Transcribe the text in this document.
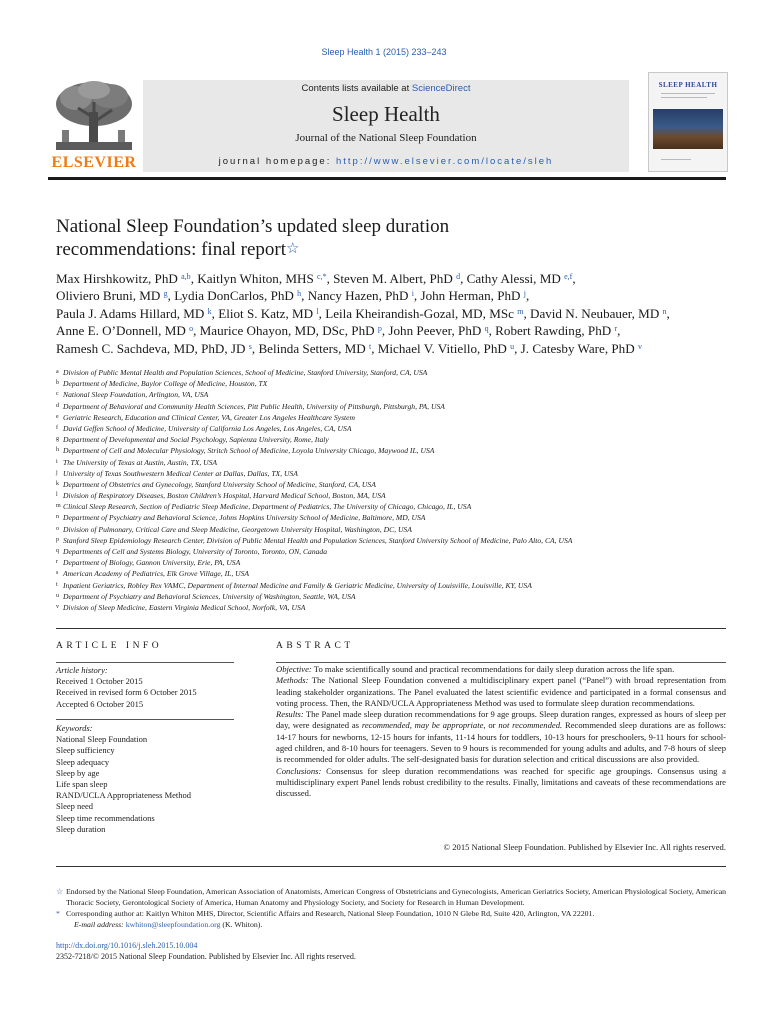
Sleep Health 1 (2015) 233–243
ELSEVIER
Contents lists available at ScienceDirect
Sleep Health
Journal of the National Sleep Foundation
journal homepage: http://www.elsevier.com/locate/sleh
SLEEP HEALTH
National Sleep Foundation’s updated sleep duration
recommendations: final report☆
Max Hirshkowitz, PhD $^{a,b}$, Kaitlyn Whiton, MHS $^{c,*}$, Steven M. Albert, PhD $^d$, Cathy Alessi, MD $^{e,f}$,
Oliviero Bruni, MD $^g$, Lydia DonCarlos, PhD $^h$, Nancy Hazen, PhD $^i$, John Herman, PhD $^j$,
Paula J. Adams Hillard, MD $^k$, Eliot S. Katz, MD $^l$, Leila Kheirandish-Gozal, MD, MSc $^m$, David N. Neubauer, MD $^n$,
Anne E. O’Donnell, MD $^o$, Maurice Ohayon, MD, DSc, PhD $^p$, John Peever, PhD $^q$, Robert Rawding, PhD $^r$,
Ramesh C. Sachdeva, MD, PhD, JD $^s$, Belinda Setters, MD $^t$, Michael V. Vitiello, PhD $^u$, J. Catesby Ware, PhD $^v$
a Division of Public Mental Health and Population Sciences, School of Medicine, Stanford University, Stanford, CA, USA
b Department of Medicine, Baylor College of Medicine, Houston, TX
c National Sleep Foundation, Arlington, VA, USA
d Department of Behavioral and Community Health Sciences, Pitt Public Health, University of Pittsburgh, Pittsburgh, PA, USA
e Geriatric Research, Education and Clinical Center, VA, Greater Los Angeles Healthcare System
f David Geffen School of Medicine, University of California Los Angeles, Los Angeles, CA, USA
g Department of Developmental and Social Psychology, Sapienza University, Rome, Italy
h Department of Cell and Molecular Physiology, Stritch School of Medicine, Loyola University Chicago, Maywood IL, USA
i The University of Texas at Austin, Austin, TX, USA
j University of Texas Southwestern Medical Center at Dallas, Dallas, TX, USA
k Department of Obstetrics and Gynecology, Stanford University School of Medicine, Stanford, CA, USA
l Division of Respiratory Diseases, Boston Children’s Hospital, Harvard Medical School, Boston, MA, USA
m Clinical Sleep Research, Section of Pediatric Sleep Medicine, Department of Pediatrics, The University of Chicago, Chicago, IL, USA
n Department of Psychiatry and Behavioral Science, Johns Hopkins University School of Medicine, Baltimore, MD, USA
o Division of Pulmonary, Critical Care and Sleep Medicine, Georgetown University Hospital, Washington, DC, USA
p Stanford Sleep Epidemiology Research Center, Division of Public Mental Health and Population Sciences, Stanford University School of Medicine, Palo Alto, CA, USA
q Departments of Cell and Systems Biology, University of Toronto, Toronto, ON, Canada
r Department of Biology, Gannon University, Erie, PA, USA
s American Academy of Pediatrics, Elk Grove Village, IL, USA
t Inpatient Geriatrics, Robley Rex VAMC, Department of Internal Medicine and Family & Geriatric Medicine, University of Louisville, Louisville, KY, USA
u Department of Psychiatry and Behavioral Sciences, University of Washington, Seattle, WA, USA
v Division of Sleep Medicine, Eastern Virginia Medical School, Norfolk, VA, USA
ARTICLE INFO	ABSTRACT
Article history:
Received 1 October 2015
Received in revised form 6 October 2015
Accepted 6 October 2015
Keywords:
National Sleep Foundation
Sleep sufficiency
Sleep adequacy
Sleep by age
Life span sleep
RAND/UCLA Appropriateness Method
Sleep need
Sleep time recommendations
Sleep duration
Objective: To make scientifically sound and practical recommendations for daily sleep duration across the life span.
Methods: The National Sleep Foundation convened a multidisciplinary expert panel (“Panel”) with broad representation from leading stakeholder organizations. The Panel evaluated the latest scientific evidence and participated in a formal consensus and voting process. Then, the RAND/UCLA Appropriateness Method was used to formulate sleep duration recommendations.
Results: The Panel made sleep duration recommendations for 9 age groups. Sleep duration ranges, expressed as hours of sleep per day, were designated as recommended, may be appropriate, or not recommended. Recommended sleep durations are as follows: 14-17 hours for newborns, 12-15 hours for infants, 11-14 hours for toddlers, 10-13 hours for preschoolers, 9-11 hours for school-aged children, and 8-10 hours for teenagers. Seven to 9 hours is recommended for young adults and adults, and 7-8 hours of sleep is recommended for older adults. The self-designated basis for duration selection and critical discussions are also provided.
Conclusions: Consensus for sleep duration recommendations was reached for specific age groupings. Consensus using a multidisciplinary expert Panel lends robust credibility to the results. Finally, limitations and caveats of these recommendations are discussed.
© 2015 National Sleep Foundation. Published by Elsevier Inc. All rights reserved.
☆ Endorsed by the National Sleep Foundation, American Association of Anatomists, American Congress of Obstetricians and Gynecologists, American Geriatrics Society, American Physiological Society, American Thoracic Society, Gerontological Society of America, Human Anatomy and Physiology Society, and Society for Research in Human Development.
* Corresponding author at: Kaitlyn Whiton MHS, Director, Scientific Affairs and Research, National Sleep Foundation, 1010 N Glebe Rd, Suite 420, Arlington, VA 22201.
E-mail address: kwhiton@sleepfoundation.org (K. Whiton).
http://dx.doi.org/10.1016/j.sleh.2015.10.004
2352-7218/© 2015 National Sleep Foundation. Published by Elsevier Inc. All rights reserved.
